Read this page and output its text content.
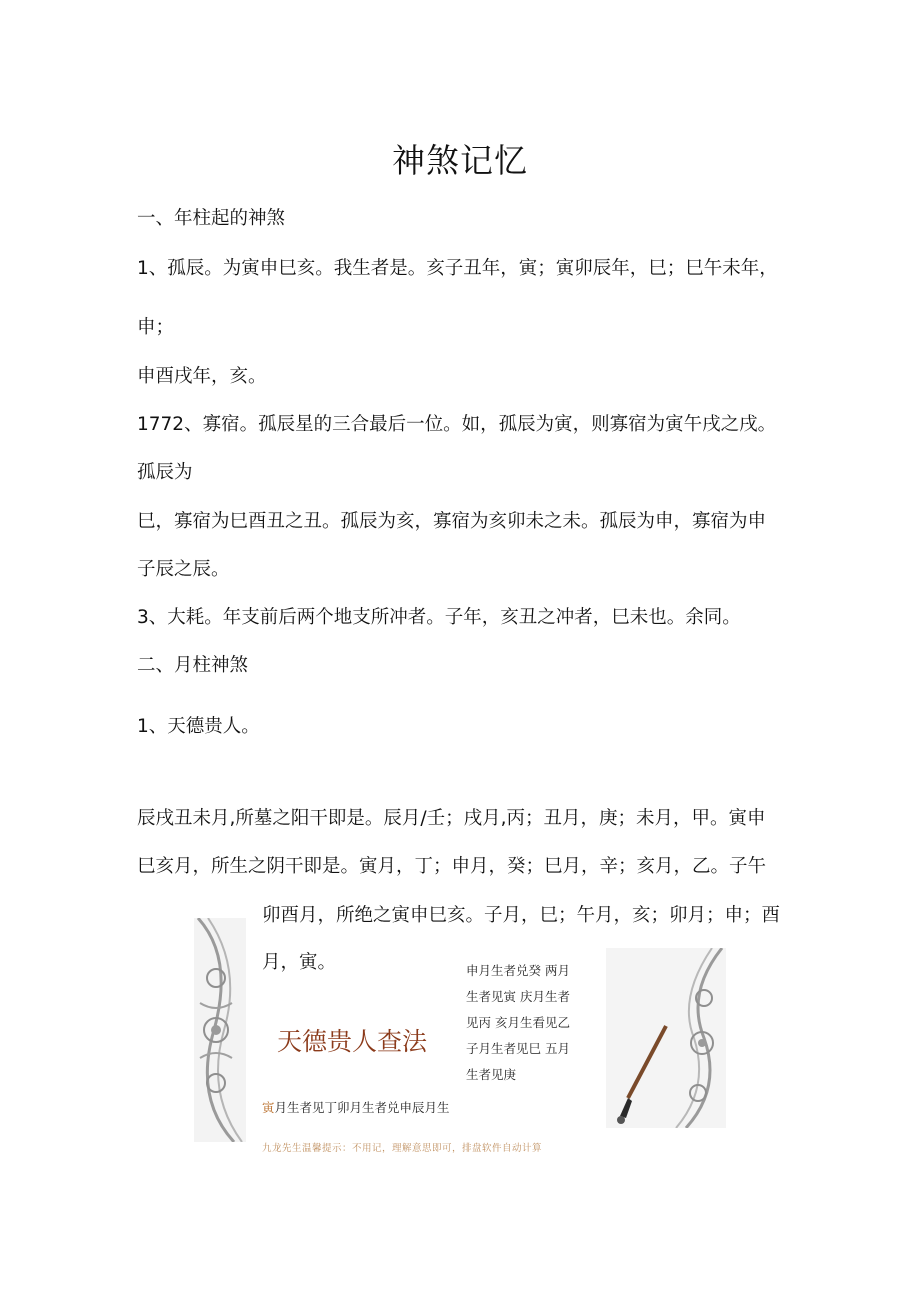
神煞记忆
一、年柱起的神煞
1、孤辰。为寅申巳亥。我生者是。亥子丑年，寅；寅卯辰年，巳；巳午未年，
申；
申酉戌年，亥。
1772、寡宿。孤辰星的三合最后一位。如，孤辰为寅，则寡宿为寅午戌之戌。
孤辰为
巳，寡宿为巳酉丑之丑。孤辰为亥，寡宿为亥卯未之未。孤辰为申，寡宿为申
子辰之辰。
3、大耗。年支前后两个地支所冲者。子年，亥丑之冲者，巳未也。余同。
二、月柱神煞
1、天德贵人。
辰戌丑未月,所墓之阳干即是。辰月/壬；戌月,丙；丑月，庚；未月，甲。寅申
巳亥月，所生之阴干即是。寅月，丁；申月，癸；巳月，辛；亥月，乙。子午
卯酉月，所绝之寅申巳亥。子月，巳；午月，亥；卯月；申；酉
月，寅。
天德贵人查法
申月生者兑癸 两月
生者见寅 庆月生者
见丙 亥月生看见乙
子月生者见巳 五月
生者见庚
寅月生者见丁卯月生者兑申辰月生
九龙先生温馨提示：不用记，理解意思即可，排盘软件自动计算
